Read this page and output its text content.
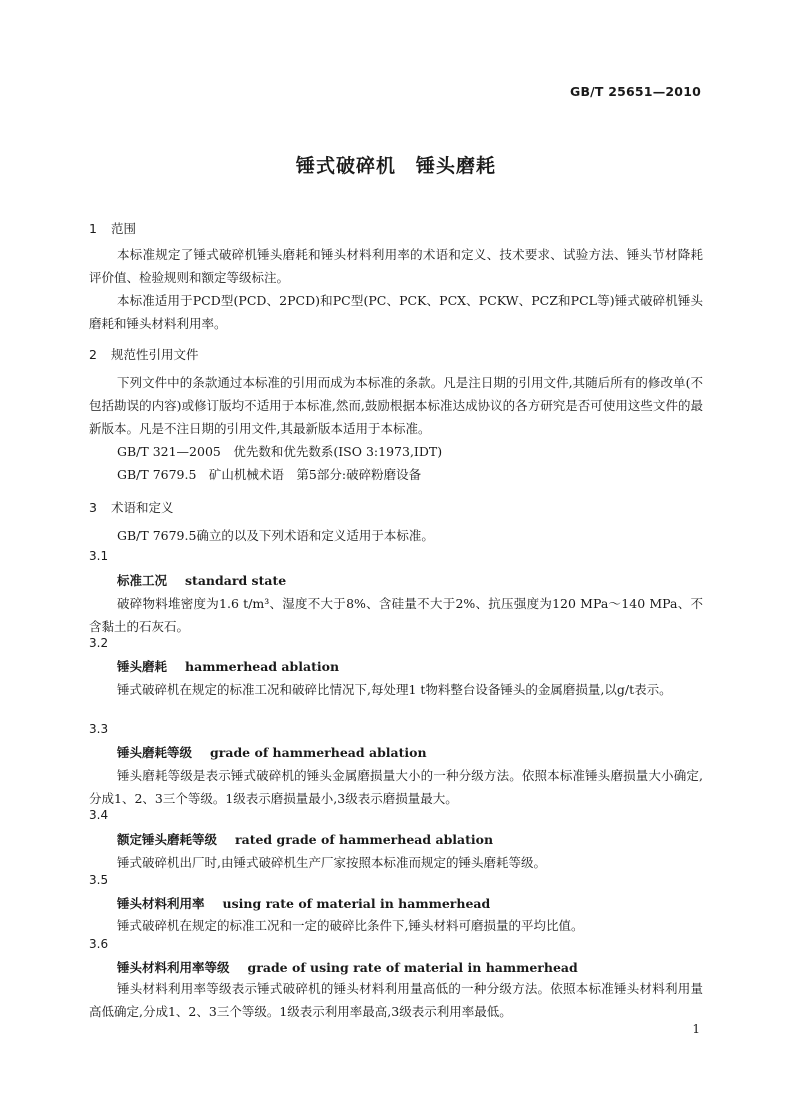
GB/T 25651—2010
锤式破碎机　锤头磨耗
1 范围
本标准规定了锤式破碎机锤头磨耗和锤头材料利用率的术语和定义、技术要求、试验方法、锤头节材降耗评价值、检验规则和额定等级标注。
本标准适用于PCD型(PCD、2PCD)和PC型(PC、PCK、PCX、PCKW、PCZ和PCL等)锤式破碎机锤头磨耗和锤头材料利用率。
2 规范性引用文件
下列文件中的条款通过本标准的引用而成为本标准的条款。凡是注日期的引用文件,其随后所有的修改单(不包括勘误的内容)或修订版均不适用于本标准,然而,鼓励根据本标准达成协议的各方研究是否可使用这些文件的最新版本。凡是不注日期的引用文件,其最新版本适用于本标准。
GB/T 321—2005　优先数和优先数系(ISO 3:1973,IDT)
GB/T 7679.5　矿山机械术语　第5部分:破碎粉磨设备
3 术语和定义
GB/T 7679.5确立的以及下列术语和定义适用于本标准。
3.1
标准工况 standard state
破碎物料堆密度为1.6 t/m³、湿度不大于8%、含硅量不大于2%、抗压强度为120 MPa～140 MPa、不含黏土的石灰石。
3.2
锤头磨耗 hammerhead ablation
锤式破碎机在规定的标准工况和破碎比情况下,每处理1 t物料整台设备锤头的金属磨损量,以g/t表示。
3.3
锤头磨耗等级 grade of hammerhead ablation
锤头磨耗等级是表示锤式破碎机的锤头金属磨损量大小的一种分级方法。依照本标准锤头磨损量大小确定,分成1、2、3三个等级。1级表示磨损量最小,3级表示磨损量最大。
3.4
额定锤头磨耗等级 rated grade of hammerhead ablation
锤式破碎机出厂时,由锤式破碎机生产厂家按照本标准而规定的锤头磨耗等级。
3.5
锤头材料利用率 using rate of material in hammerhead
锤式破碎机在规定的标准工况和一定的破碎比条件下,锤头材料可磨损量的平均比值。
3.6
锤头材料利用率等级 grade of using rate of material in hammerhead
锤头材料利用率等级表示锤式破碎机的锤头材料利用量高低的一种分级方法。依照本标准锤头材料利用量高低确定,分成1、2、3三个等级。1级表示利用率最高,3级表示利用率最低。
1
